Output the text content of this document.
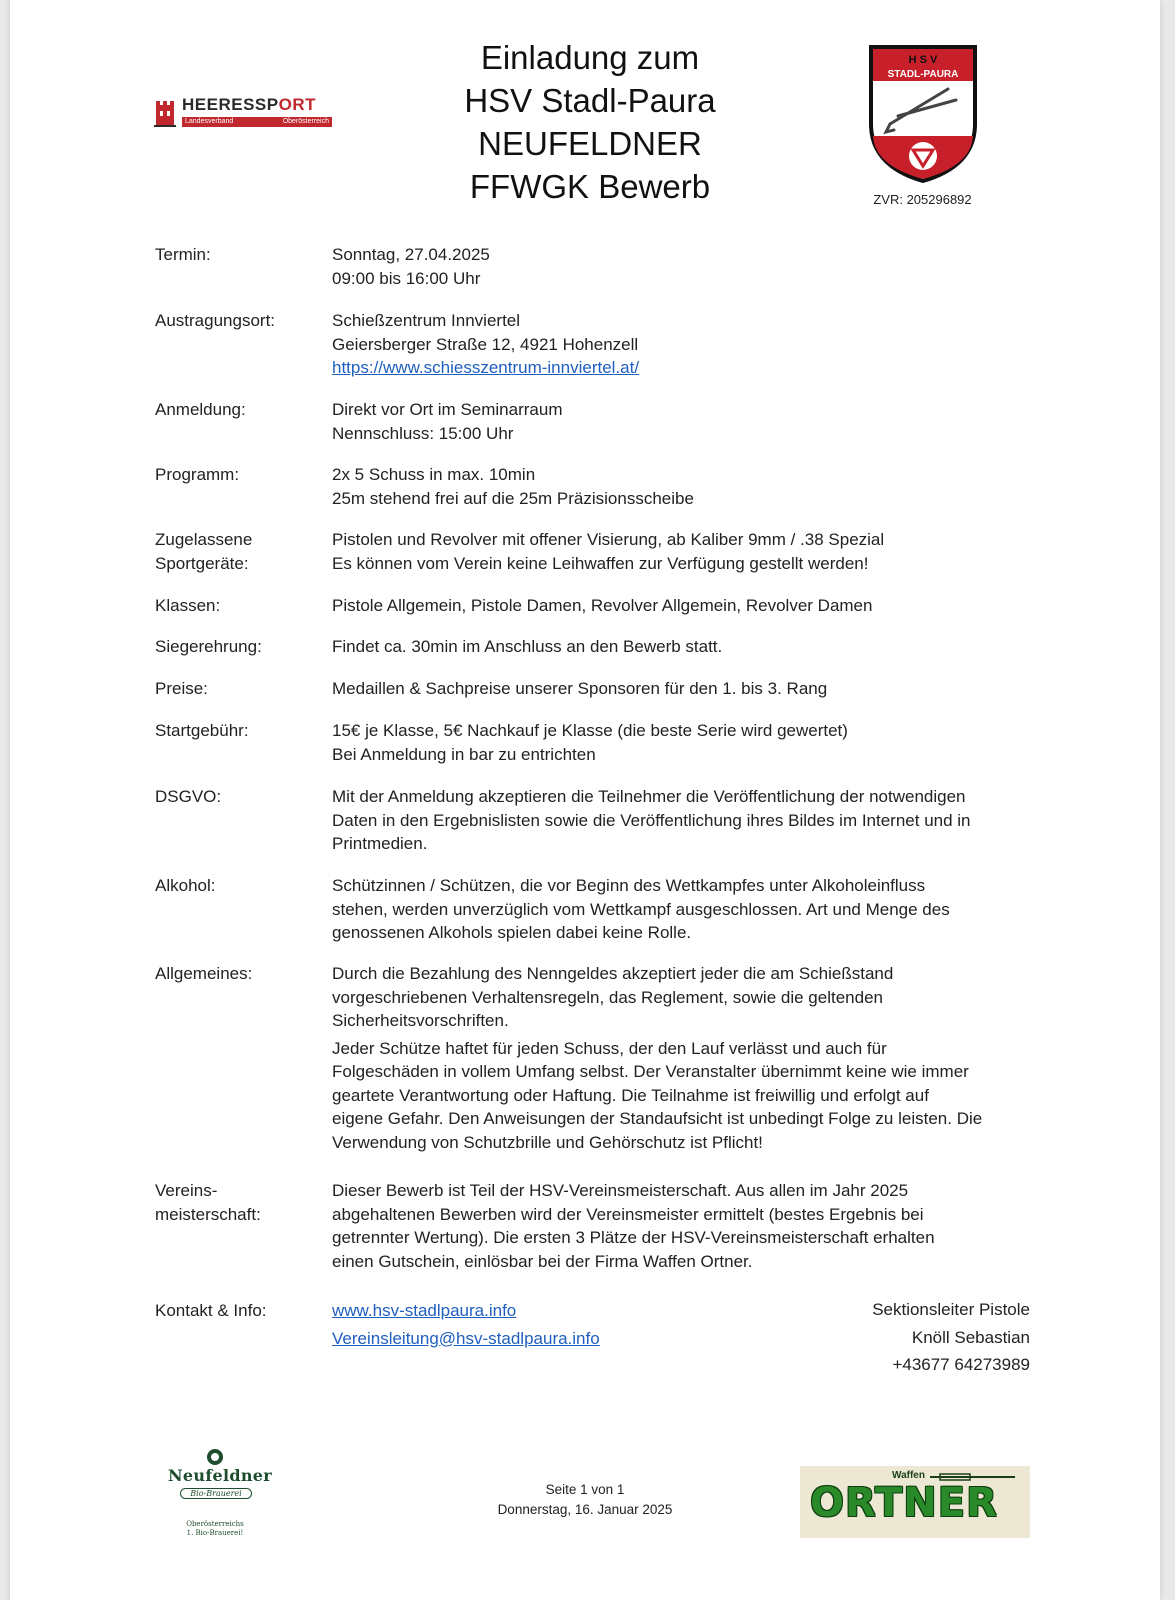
HEERESSPORT
Landesverband	Oberösterreich
Einladung zum
HSV Stadl-Paura
NEUFELDNER
FFWGK Bewerb
H S V
STADL-PAURA
ZVR: 205296892
Termin:	Sonntag, 27.04.2025
09:00 bis 16:00 Uhr
Austragungsort:	Schießzentrum Innviertel
Geiersberger Straße 12, 4921 Hohenzell
https://www.schiesszentrum-innviertel.at/
Anmeldung:	Direkt vor Ort im Seminarraum
Nennschluss: 15:00 Uhr
Programm:	2x 5 Schuss in max. 10min
25m stehend frei auf die 25m Präzisionsscheibe
Zugelassene
Sportgeräte:
Pistolen und Revolver mit offener Visierung, ab Kaliber 9mm / .38 Spezial
Es können vom Verein keine Leihwaffen zur Verfügung gestellt werden!
Klassen:	Pistole Allgemein, Pistole Damen, Revolver Allgemein, Revolver Damen
Siegerehrung:	Findet ca. 30min im Anschluss an den Bewerb statt.
Preise:	Medaillen & Sachpreise unserer Sponsoren für den 1. bis 3. Rang
Startgebühr:	15€ je Klasse, 5€ Nachkauf je Klasse (die beste Serie wird gewertet)
Bei Anmeldung in bar zu entrichten
DSGVO:	Mit der Anmeldung akzeptieren die Teilnehmer die Veröffentlichung der notwendigen
Daten in den Ergebnislisten sowie die Veröffentlichung ihres Bildes im Internet und in
Printmedien.
Alkohol:	Schützinnen / Schützen, die vor Beginn des Wettkampfes unter Alkoholeinfluss
stehen, werden unverzüglich vom Wettkampf ausgeschlossen. Art und Menge des
genossenen Alkohols spielen dabei keine Rolle.
Allgemeines:	Durch die Bezahlung des Nenngeldes akzeptiert jeder die am Schießstand
vorgeschriebenen Verhaltensregeln, das Reglement, sowie die geltenden
Sicherheitsvorschriften.
Jeder Schütze haftet für jeden Schuss, der den Lauf verlässt und auch für
Folgeschäden in vollem Umfang selbst. Der Veranstalter übernimmt keine wie immer
geartete Verantwortung oder Haftung. Die Teilnahme ist freiwillig und erfolgt auf
eigene Gefahr. Den Anweisungen der Standaufsicht ist unbedingt Folge zu leisten. Die
Verwendung von Schutzbrille und Gehörschutz ist Pflicht!
Vereins-
meisterschaft:
Dieser Bewerb ist Teil der HSV-Vereinsmeisterschaft. Aus allen im Jahr 2025
abgehaltenen Bewerben wird der Vereinsmeister ermittelt (bestes Ergebnis bei
getrennter Wertung). Die ersten 3 Plätze der HSV-Vereinsmeisterschaft erhalten
einen Gutschein, einlösbar bei der Firma Waffen Ortner.
Kontakt & Info:	www.hsv-stadlpaura.info
Vereinsleitung@hsv-stadlpaura.info
Sektionsleiter Pistole
Knöll Sebastian
+43677 64273989
Neufeldner
Bio-Brauerei
Oberösterreichs
1. Bio-Brauerei!
Seite 1 von 1
Donnerstag, 16. Januar 2025
Waffen
ORTNER
